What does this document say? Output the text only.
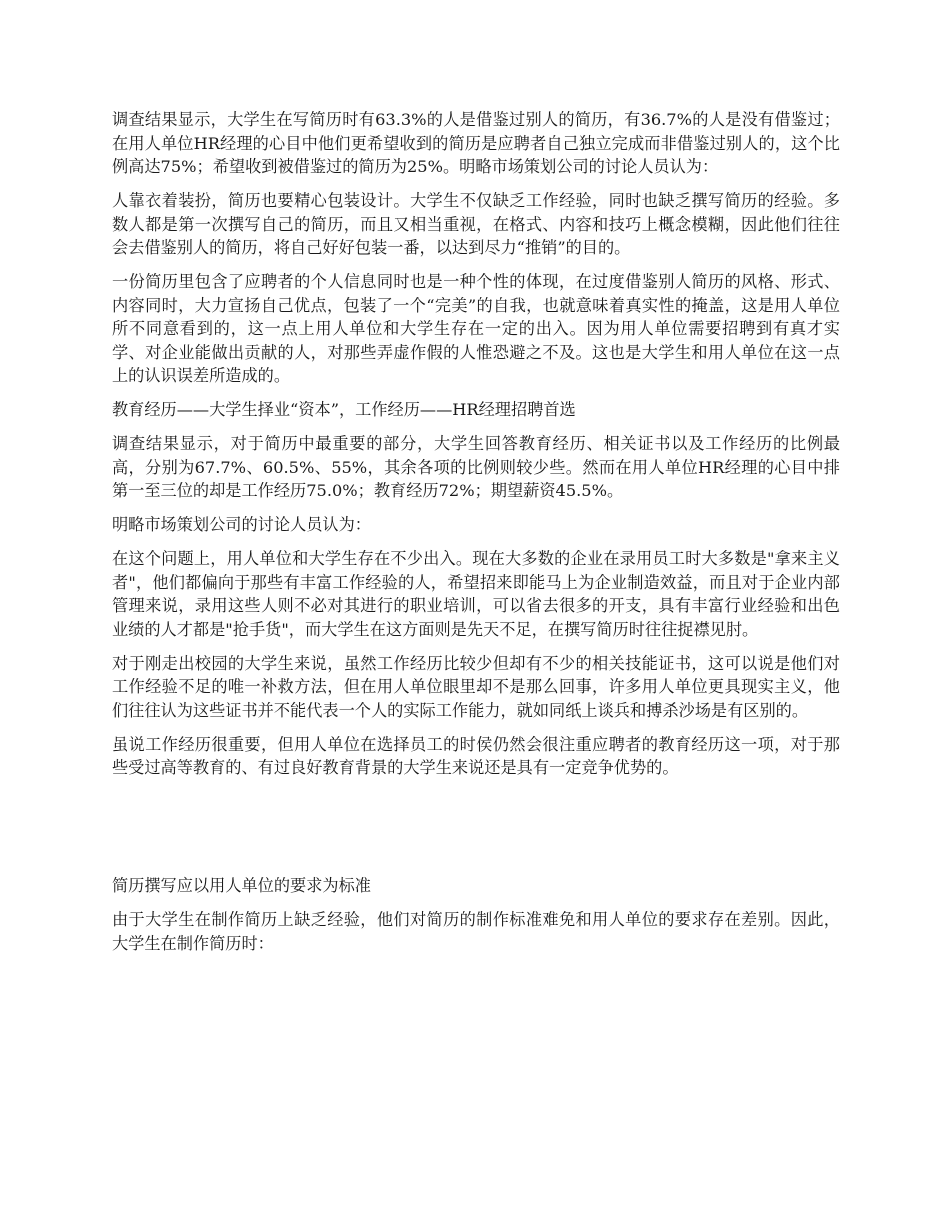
调查结果显示，大学生在写简历时有63.3%的人是借鉴过别人的简历，有36.7%的人是没有借鉴过；在用人单位HR经理的心目中他们更希望收到的简历是应聘者自己独立完成而非借鉴过别人的，这个比例高达75%；希望收到被借鉴过的简历为25%。明略市场策划公司的讨论人员认为：

人靠衣着装扮，简历也要精心包装设计。大学生不仅缺乏工作经验，同时也缺乏撰写简历的经验。多数人都是第一次撰写自己的简历，而且又相当重视，在格式、内容和技巧上概念模糊，因此他们往往会去借鉴别人的简历，将自己好好包装一番，以达到尽力“推销”的目的。

一份简历里包含了应聘者的个人信息同时也是一种个性的体现，在过度借鉴别人简历的风格、形式、内容同时，大力宣扬自己优点，包装了一个“完美”的自我，也就意味着真实性的掩盖，这是用人单位所不同意看到的，这一点上用人单位和大学生存在一定的出入。因为用人单位需要招聘到有真才实学、对企业能做出贡献的人，对那些弄虚作假的人惟恐避之不及。这也是大学生和用人单位在这一点上的认识误差所造成的。

教育经历——大学生择业“资本”，工作经历——HR经理招聘首选

调查结果显示，对于简历中最重要的部分，大学生回答教育经历、相关证书以及工作经历的比例最高，分别为67.7%、60.5%、55%，其余各项的比例则较少些。然而在用人单位HR经理的心目中排第一至三位的却是工作经历75.0%；教育经历72%；期望薪资45.5%。

明略市场策划公司的讨论人员认为：

在这个问题上，用人单位和大学生存在不少出入。现在大多数的企业在录用员工时大多数是"拿来主义者"，他们都偏向于那些有丰富工作经验的人，希望招来即能马上为企业制造效益，而且对于企业内部管理来说，录用这些人则不必对其进行的职业培训，可以省去很多的开支，具有丰富行业经验和出色业绩的人才都是"抢手货"，而大学生在这方面则是先天不足，在撰写简历时往往捉襟见肘。

对于刚走出校园的大学生来说，虽然工作经历比较少但却有不少的相关技能证书，这可以说是他们对工作经验不足的唯一补救方法，但在用人单位眼里却不是那么回事，许多用人单位更具现实主义，他们往往认为这些证书并不能代表一个人的实际工作能力，就如同纸上谈兵和搏杀沙场是有区别的。

虽说工作经历很重要，但用人单位在选择员工的时侯仍然会很注重应聘者的教育经历这一项，对于那些受过高等教育的、有过良好教育背景的大学生来说还是具有一定竞争优势的。

简历撰写应以用人单位的要求为标准

由于大学生在制作简历上缺乏经验，他们对简历的制作标准难免和用人单位的要求存在差别。因此，大学生在制作简历时：
